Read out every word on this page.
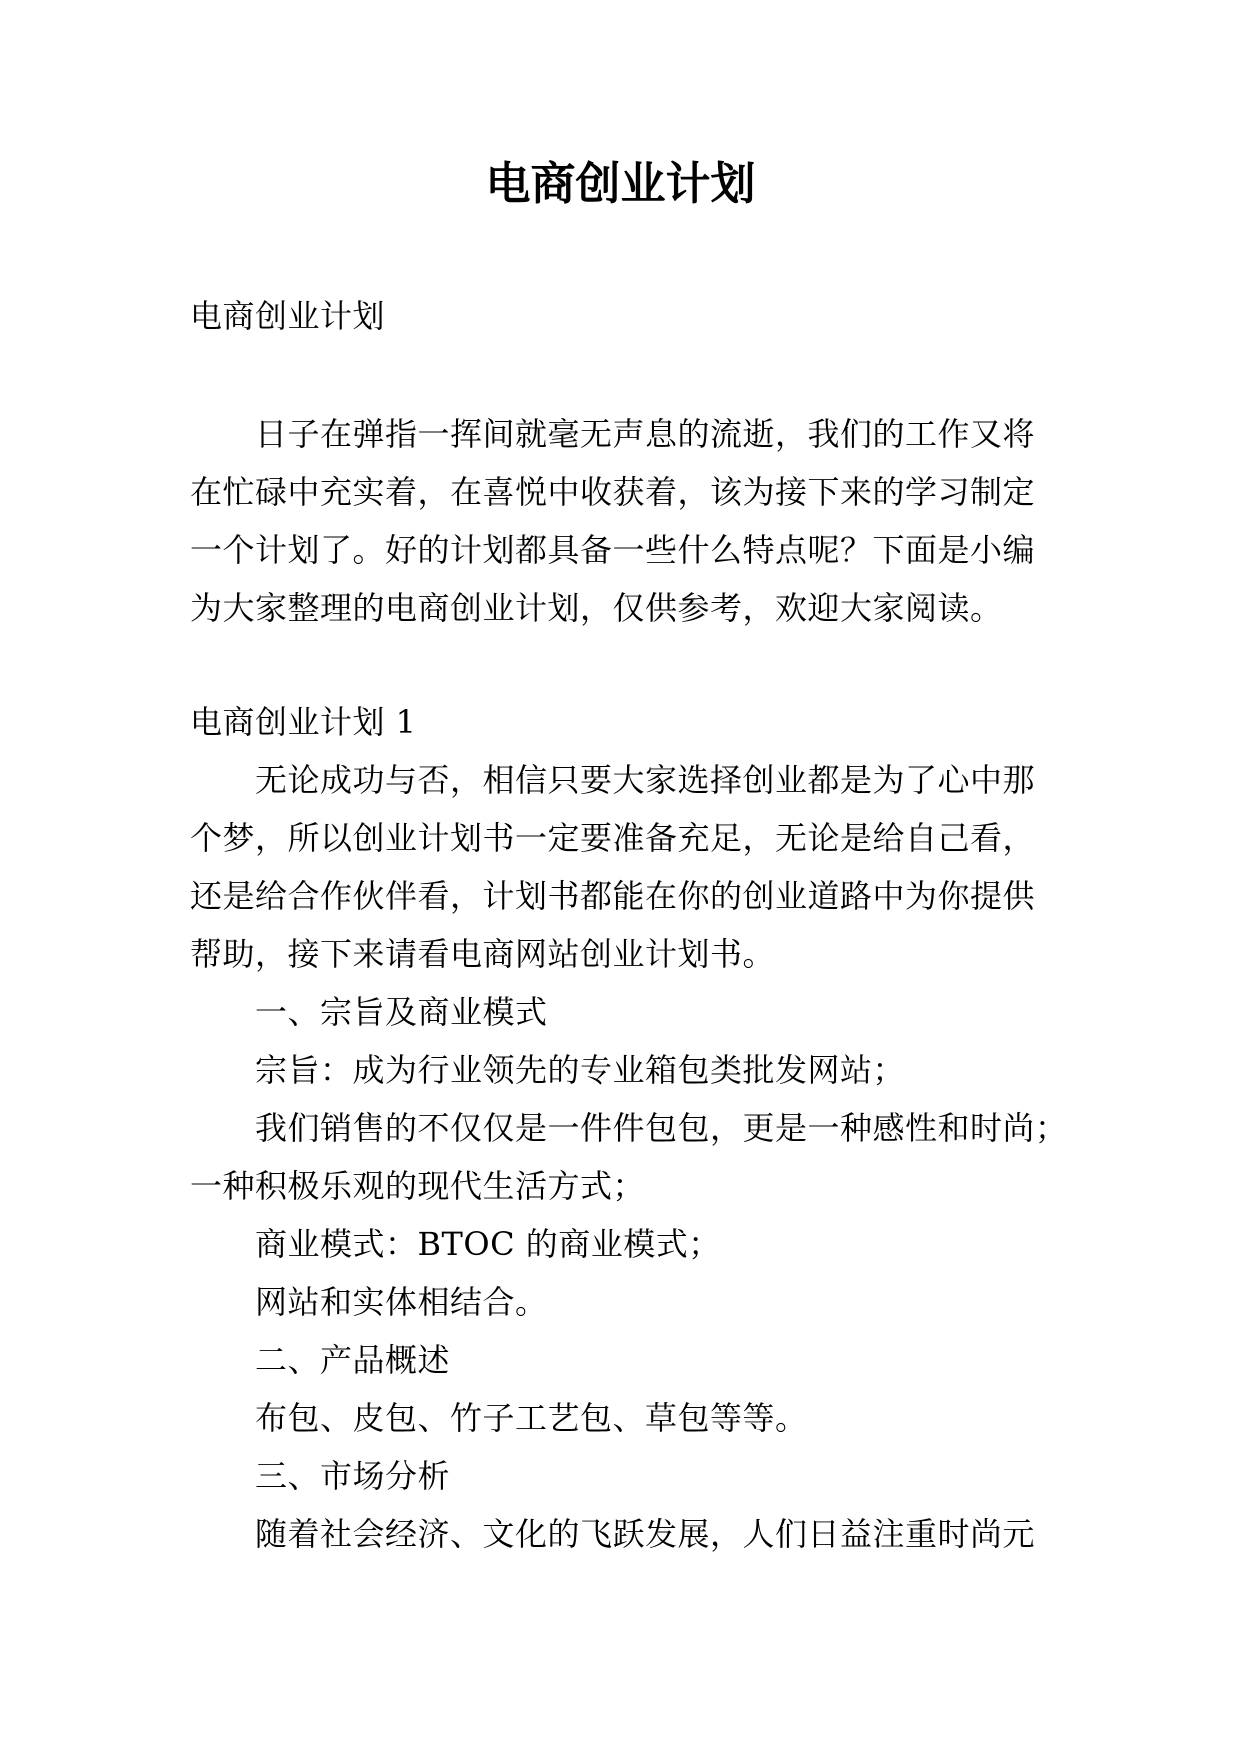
电商创业计划
电商创业计划
日子在弹指一挥间就毫无声息的流逝，我们的工作又将
在忙碌中充实着，在喜悦中收获着，该为接下来的学习制定
一个计划了。好的计划都具备一些什么特点呢？下面是小编
为大家整理的电商创业计划，仅供参考，欢迎大家阅读。
电商创业计划 1
无论成功与否，相信只要大家选择创业都是为了心中那
个梦，所以创业计划书一定要准备充足，无论是给自己看，
还是给合作伙伴看，计划书都能在你的创业道路中为你提供
帮助，接下来请看电商网站创业计划书。
一、宗旨及商业模式
宗旨：成为行业领先的专业箱包类批发网站；
我们销售的不仅仅是一件件包包，更是一种感性和时尚；
一种积极乐观的现代生活方式；
商业模式：BTOC 的商业模式；
网站和实体相结合。
二、产品概述
布包、皮包、竹子工艺包、草包等等。
三、市场分析
随着社会经济、文化的飞跃发展，人们日益注重时尚元
